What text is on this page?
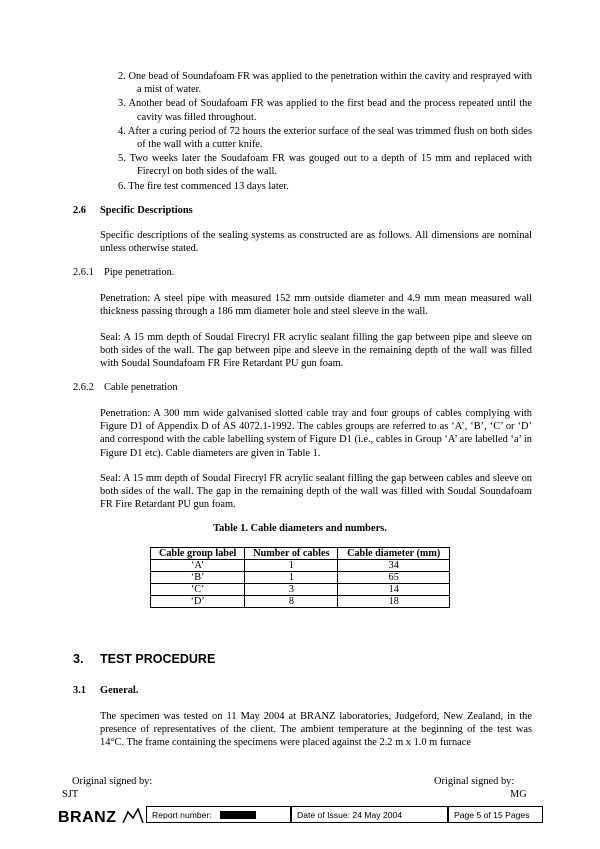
2. One bead of Soundafoam FR was applied to the penetration within the cavity and resprayed with a mist of water.
3. Another bead of Soudafoam FR was applied to the first bead and the process repeated until the cavity was filled throughout.
4. After a curing period of 72 hours the exterior surface of the seal was trimmed flush on both sides of the wall with a cutter knife.
5. Two weeks later the Soudafoam FR was gouged out to a depth of 15 mm and replaced with Firecryl on both sides of the wall.
6. The fire test commenced 13 days later.
2.6 Specific Descriptions

Specific descriptions of the sealing systems as constructed are as follows. All dimensions are nominal unless otherwise stated.

2.6.1 Pipe penetration.

Penetration: A steel pipe with measured 152 mm outside diameter and 4.9 mm mean measured wall thickness passing through a 186 mm diameter hole and steel sleeve in the wall.

Seal: A 15 mm depth of Soudal Firecryl FR acrylic sealant filling the gap between pipe and sleeve on both sides of the wall. The gap between pipe and sleeve in the remaining depth of the wall was filled with Soudal Soundafoam FR Fire Retardant PU gun foam.

2.6.2 Cable penetration

Penetration: A 300 mm wide galvanised slotted cable tray and four groups of cables complying with Figure D1 of Appendix D of AS 4072.1-1992. The cables groups are referred to as ‘A’, ‘B’, ‘C’ or ‘D’ and correspond with the cable labelling system of Figure D1 (i.e., cables in Group ‘A’ are labelled ‘a’ in Figure D1 etc). Cable diameters are given in Table 1.

Seal: A 15 mm depth of Soudal Firecryl FR acrylic sealant filling the gap between cables and sleeve on both sides of the wall. The gap in the remaining depth of the wall was filled with Soudal Soundafoam FR Fire Retardant PU gun foam.

Table 1. Cable diameters and numbers.
Cable group label	Number of cables	Cable diameter (mm)
‘A’	1	34
‘B’	1	65
‘C’	3	14
‘D’	8	18
3. TEST PROCEDURE
3.1 General.

The specimen was tested on 11 May 2004 at BRANZ laboratories, Judgeford, New Zealand, in the presence of representatives of the client. The ambient temperature at the beginning of the test was 14°C. The frame containing the specimens were placed against the 2.2 m x 1.0 m furnace

Original signed by:
SJT
Original signed by:
MG
BRANZ	Report number:	Date of Issue: 24 May 2004	Page 5 of 15 Pages
